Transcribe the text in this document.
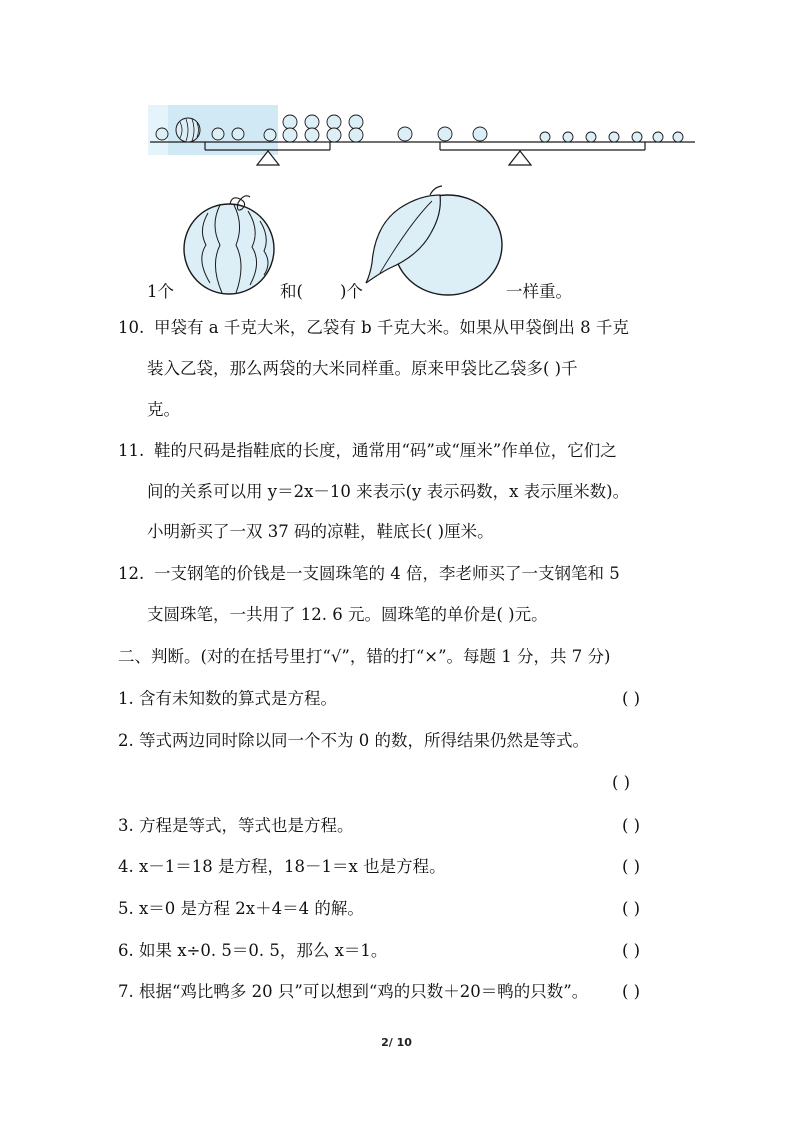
1个	和( )个	一样重。
10. 甲袋有 a 千克大米，乙袋有 b 千克大米。如果从甲袋倒出 8 千克
装入乙袋，那么两袋的大米同样重。原来甲袋比乙袋多( )千
克。
11. 鞋的尺码是指鞋底的长度，通常用“码”或“厘米”作单位，它们之
间的关系可以用 y＝2x－10 来表示(y 表示码数，x 表示厘米数)。
小明新买了一双 37 码的凉鞋，鞋底长( )厘米。
12. 一支钢笔的价钱是一支圆珠笔的 4 倍，李老师买了一支钢笔和 5
支圆珠笔，一共用了 12. 6 元。圆珠笔的单价是( )元。
二、判断。(对的在括号里打“√”，错的打“×”。每题 1 分，共 7 分)
1. 含有未知数的算式是方程。	( )
2. 等式两边同时除以同一个不为 0 的数，所得结果仍然是等式。
( )
3. 方程是等式，等式也是方程。	( )
4. x－1＝18 是方程，18－1＝x 也是方程。	( )
5. x＝0 是方程 2x＋4＝4 的解。	( )
6. 如果 x÷0. 5＝0. 5，那么 x＝1。	( )
7. 根据“鸡比鸭多 20 只”可以想到“鸡的只数＋20＝鸭的只数”。 ( )
2/ 10
